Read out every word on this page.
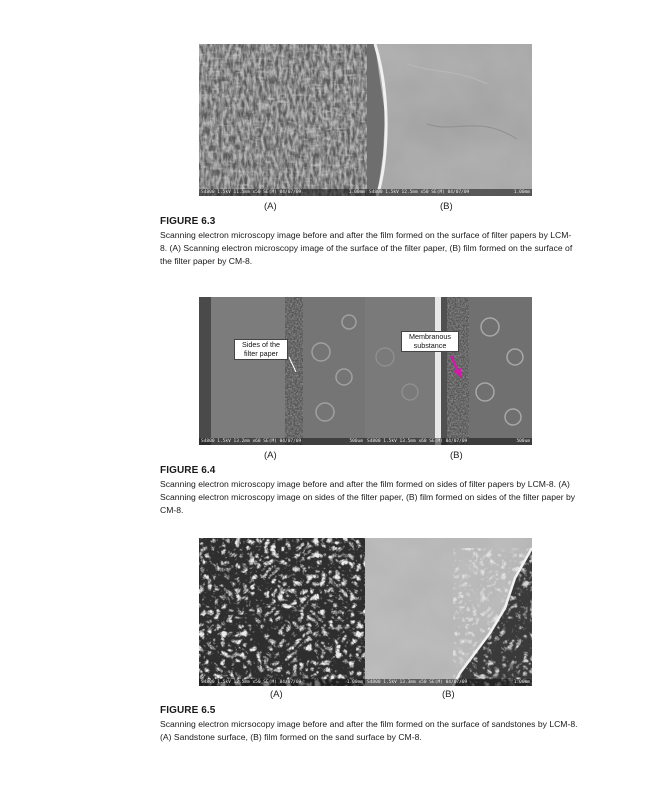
S4800 1.5kV 11.5mm x50 SE(M) 04/07/09	1.00mm S4800 1.5kV 12.5mm x50 SE(M) 04/07/09	1.00mm
(A)	(B)
FIGURE 6.3
Scanning electron microscopy image before and after the film formed on the surface of filter papers by LCM-8. (A) Scanning electron microscopy image of the surface of the filter paper, (B) film formed on the surface of the filter paper by CM-8.
S4800 1.5kV 13.2mm x60 SE(M) 04/07/09	500um S4800 1.5kV 13.5mm x60 SE(M) 04/07/09	500um
Sides of the filter paper
Membranous substance
(A)	(B)
FIGURE 6.4
Scanning electron microscopy image before and after the film formed on sides of filter papers by LCM-8. (A) Scanning electron microscopy image on sides of the filter paper, (B) film formed on sides of the filter paper by CM-8.
S4800 1.5kV 12.5mm x50 SE(M) 04/07/09	1.00mm S4800 1.5kV 13.3mm x50 SE(M) 04/07/09	1.00mm
(A)	(B)
FIGURE 6.5
Scanning electron micrsocopy image before and after the film formed on the surface of sandstones by LCM-8. (A) Sandstone surface, (B) film formed on the sand surface by CM-8.
